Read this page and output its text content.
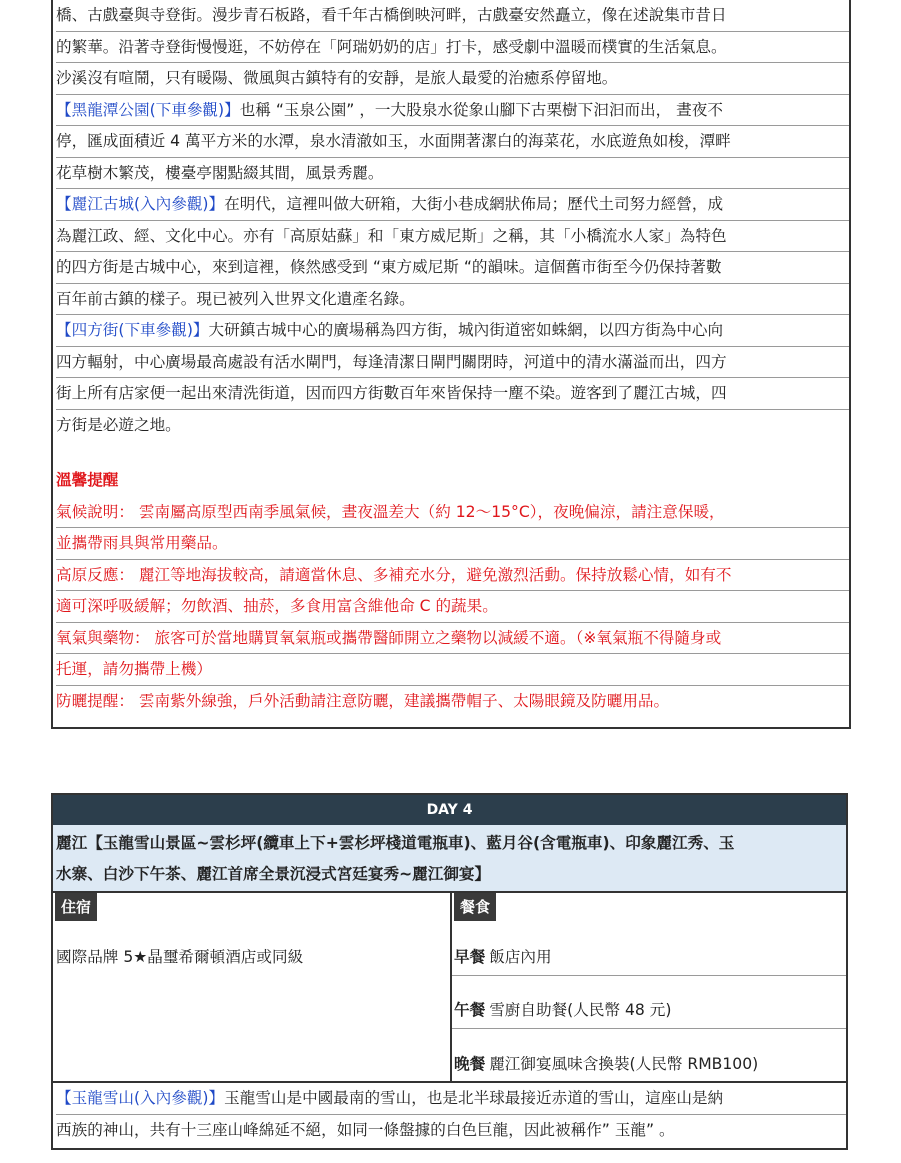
橋、古戲臺與寺登街。漫步青石板路，看千年古橋倒映河畔，古戲臺安然矗立，像在述說集市昔日

的繁華。沿著寺登街慢慢逛，不妨停在「阿瑞奶奶的店」打卡，感受劇中溫暖而樸實的生活氣息。

沙溪沒有喧鬧，只有暖陽、微風與古鎮特有的安靜，是旅人最愛的治癒系停留地。

【黑龍潭公園(下車參觀)】也稱 “玉泉公園” ，一大股泉水從象山腳下古栗樹下汩汩而出， 晝夜不

停，匯成面積近 4 萬平方米的水潭，泉水清澈如玉，水面開著潔白的海菜花，水底遊魚如梭，潭畔

花草樹木繁茂，樓臺亭閣點綴其間，風景秀麗。

【麗江古城(入內參觀)】在明代，這裡叫做大研箱，大街小巷成網狀佈局；歷代土司努力經營，成

為麗江政、經、文化中心。亦有「高原姑蘇」和「東方威尼斯」之稱，其「小橋流水人家」為特色

的四方街是古城中心，來到這裡，倏然感受到 “東方威尼斯 “的韻味。這個舊市街至今仍保持著數

百年前古鎮的樣子。現已被列入世界文化遺產名錄。

【四方街(下車參觀)】大研鎮古城中心的廣場稱為四方街，城內街道密如蛛網，以四方街為中心向

四方輻射，中心廣場最高處設有活水閘門，每逢清潔日閘門關閉時，河道中的清水滿溢而出，四方

街上所有店家便一起出來清洗街道，因而四方街數百年來皆保持一塵不染。遊客到了麗江古城，四

方街是必遊之地。

溫馨提醒

氣候說明： 雲南屬高原型西南季風氣候，晝夜溫差大（約 12～15°C），夜晚偏涼，請注意保暖，

並攜帶雨具與常用藥品。

高原反應： 麗江等地海拔較高，請適當休息、多補充水分，避免激烈活動。保持放鬆心情，如有不

適可深呼吸緩解；勿飲酒、抽菸，多食用富含維他命 C 的蔬果。

氧氣與藥物： 旅客可於當地購買氧氣瓶或攜帶醫師開立之藥物以減緩不適。（※氧氣瓶不得隨身或

托運，請勿攜帶上機）

防曬提醒： 雲南紫外線強，戶外活動請注意防曬，建議攜帶帽子、太陽眼鏡及防曬用品。

DAY 4
麗江【玉龍雪山景區~雲杉坪(纜車上下+雲杉坪棧道電瓶車)、藍月谷(含電瓶車)、印象麗江秀、玉
水寨、白沙下午茶、麗江首席全景沉浸式宮廷宴秀~麗江御宴】
住宿
國際品牌 5★晶璽希爾頓酒店或同級
餐食
早餐 飯店內用
午餐 雪廚自助餐(人民幣 48 元)
晚餐 麗江御宴風味含換裝(人民幣 RMB100)

【玉龍雪山(入內參觀)】玉龍雪山是中國最南的雪山，也是北半球最接近赤道的雪山，這座山是納

西族的神山，共有十三座山峰綿延不絕，如同一條盤據的白色巨龍，因此被稱作” 玉龍” 。
